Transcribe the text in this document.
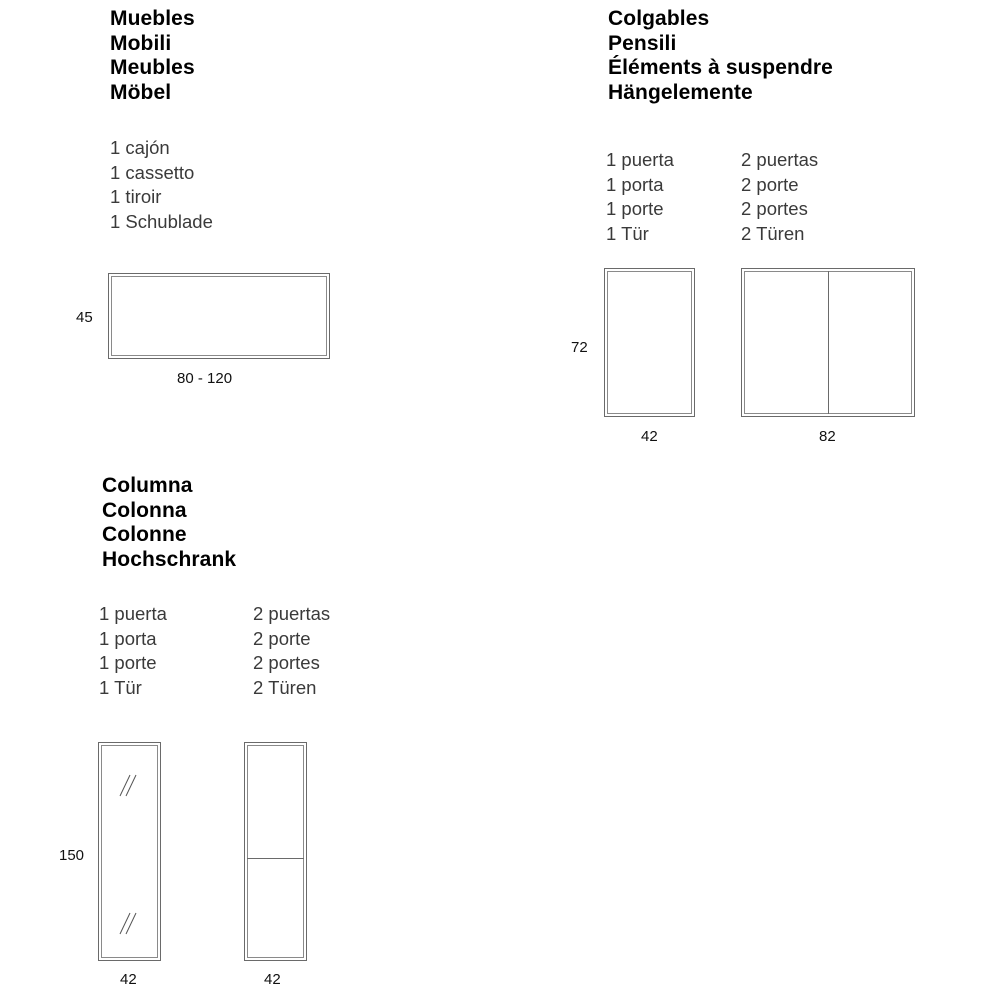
Muebles
Mobili
Meubles
Möbel
1 cajón
1 cassetto
1 tiroir
1 Schublade
45
80 - 120
Colgables
Pensili
Éléments à suspendre
Hängelemente
1 puerta
1 porta
1 porte
1 Tür
2 puertas
2 porte
2 portes
2 Türen
72
42	82
Columna
Colonna
Colonne
Hochschrank
1 puerta
1 porta
1 porte
1 Tür
2 puertas
2 porte
2 portes
2 Türen
150
42	42
